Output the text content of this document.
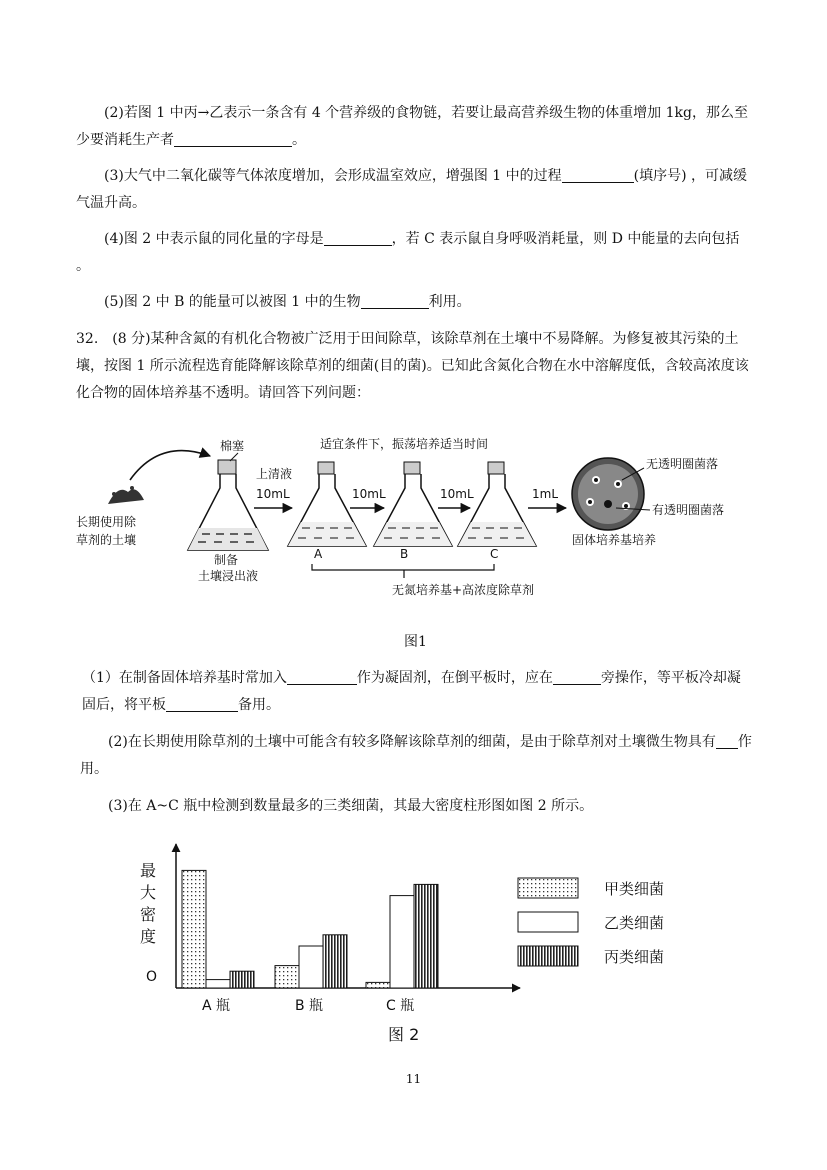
(2)若图 1 中丙→乙表示一条含有 4 个营养级的食物链，若要让最高营养级生物的体重增加 1kg，那么至少要消耗生产者	。

(3)大气中二氧化碳等气体浓度增加，会形成温室效应，增强图 1 中的过程	(填序号) ，可减缓气温升高。

(4)图 2 中表示鼠的同化量的字母是	，若 C 表示鼠自身呼吸消耗量，则 D 中能量的去向包括。

(5)图 2 中 B 的能量可以被图 1 中的生物	利用。

32.　(8 分)某种含氮的有机化合物被广泛用于田间除草，该除草剂在土壤中不易降解。为修复被其污染的土壤，按图 1 所示流程选育能降解该除草剂的细菌(目的菌)。已知此含氮化合物在水中溶解度低，含较高浓度该化合物的固体培养基不透明。请回答下列问题：

长期使用除
草剂的土壤
棉塞
制备
土壤浸出液
上清液
10mL
适宜条件下，振荡培养适当时间
A
10mL
B
10mL
C
1mL
固体培养基培养
无透明圈菌落
有透明圈菌落
无氮培养基+高浓度除草剂
图1

（1）在制备固体培养基时常加入	作为凝固剂，在倒平板时，应在	旁操作，等平板冷却凝固后，将平板	备用。

(2)在长期使用除草剂的土壤中可能含有较多降解该除草剂的细菌，是由于除草剂对土壤微生物具有 作用。

(3)在 A~C 瓶中检测到数量最多的三类细菌，其最大密度柱形图如图 2 所示。

最
大
密
度
O
A 瓶	B 瓶	C 瓶
甲类细菌
乙类细菌
丙类细菌
图 2
11
